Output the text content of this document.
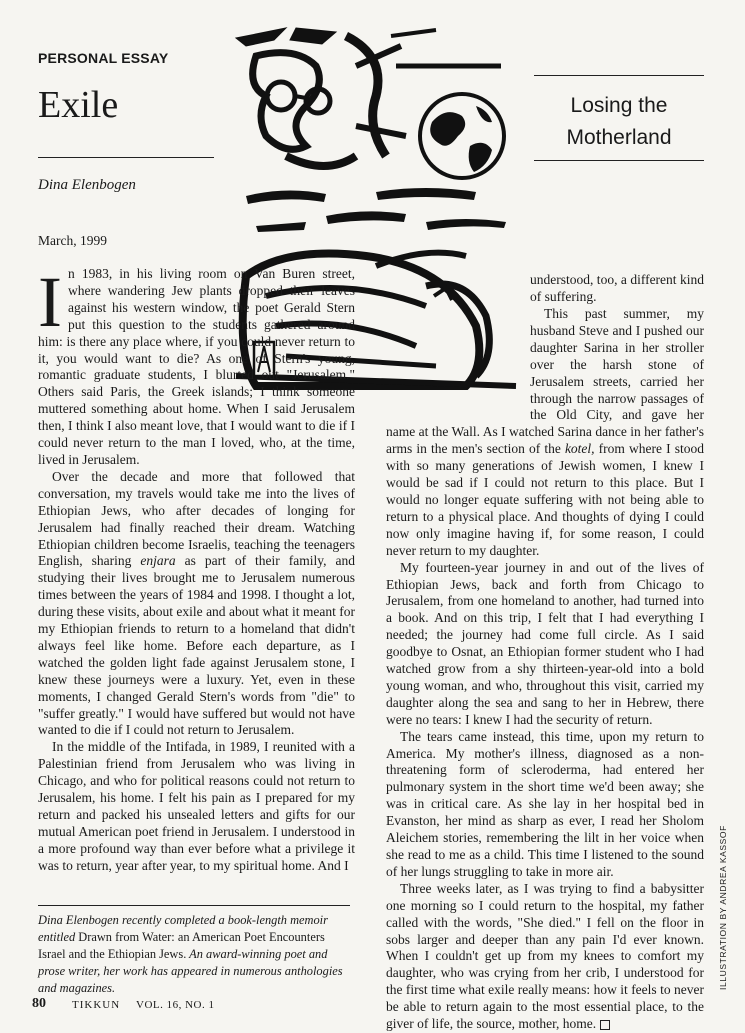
PERSONAL ESSAY
Exile
Dina Elenbogen
Losing the
Motherland
March, 1999

In 1983, in his living room on Van Buren street, where wandering Jew plants dropped their leaves against his western window, the poet Gerald Stern put this question to the students gathered around him: is there any place where, if you could never return to it, you would want to die? As one of Stern's young, romantic graduate students, I blurted out "Jerusalem." Others said Paris, the Greek islands; I think someone muttered something about home. When I said Jerusalem then, I think I also meant love, that I would want to die if I could never return to the man I loved, who, at the time, lived in Jerusalem.

Over the decade and more that followed that conversation, my travels would take me into the lives of Ethiopian Jews, who after decades of longing for Jerusalem had finally reached their dream. Watching Ethiopian children become Israelis, teaching the teenagers English, sharing enjara as part of their family, and studying their lives brought me to Jerusalem numerous times between the years of 1984 and 1998. I thought a lot, during these visits, about exile and about what it meant for my Ethiopian friends to return to a homeland that didn't always feel like home. Before each departure, as I watched the golden light fade against Jerusalem stone, I knew these journeys were a luxury. Yet, even in these moments, I changed Gerald Stern's words from "die" to "suffer greatly." I would have suffered but would not have wanted to die if I could not return to Jerusalem.

In the middle of the Intifada, in 1989, I reunited with a Palestinian friend from Jerusalem who was living in Chicago, and who for political reasons could not return to Jerusalem, his home. I felt his pain as I prepared for my return and packed his unsealed letters and gifts for our mutual American poet friend in Jerusalem. I understood in a more profound way than ever before what a privilege it was to return, year after year, to my spiritual home. And I

Dina Elenbogen recently completed a book-length memoir entitled Drawn from Water: an American Poet Encounters Israel and the Ethiopian Jews. An award-winning poet and prose writer, her work has appeared in numerous anthologies and magazines.

understood, too, a different kind of suffering.

This past summer, my husband Steve and I pushed our daughter Sarina in her stroller over the harsh stone of Jerusalem streets, carried her through the narrow passages of the Old City, and gave her name at the Wall. As I watched Sarina dance in her father's arms in the men's section of the kotel, from where I stood with so many generations of Jewish women, I knew I would be sad if I could not return to this place. But I would no longer equate suffering with not being able to return to a physical place. And thoughts of dying I could now only imagine having if, for some reason, I could never return to my daughter.

My fourteen-year journey in and out of the lives of Ethiopian Jews, back and forth from Chicago to Jerusalem, from one homeland to another, had turned into a book. And on this trip, I felt that I had everything I needed; the journey had come full circle. As I said goodbye to Osnat, an Ethiopian former student who I had watched grow from a shy thirteen-year-old into a bold young woman, and who, throughout this visit, carried my daughter along the sea and sang to her in Hebrew, there were no tears: I knew I had the security of return.

The tears came instead, this time, upon my return to America. My mother's illness, diagnosed as a non-threatening form of scleroderma, had entered her pulmonary system in the short time we'd been away; she was in critical care. As she lay in her hospital bed in Evanston, her mind as sharp as ever, I read her Sholom Aleichem stories, remembering the lilt in her voice when she read to me as a child. This time I listened to the sound of her lungs struggling to take in more air.

Three weeks later, as I was trying to find a babysitter one morning so I could return to the hospital, my father called with the words, "She died." I fell on the floor in sobs larger and deeper than any pain I'd ever known. When I couldn't get up from my knees to comfort my daughter, who was crying from her crib, I understood for the first time what exile really means: how it feels to never be able to return again to the most essential place, to the giver of life, the source, mother, home.

ILLUSTRATION BY ANDREA KASSOF
80 TIKKUN VOL. 16, NO. 1
